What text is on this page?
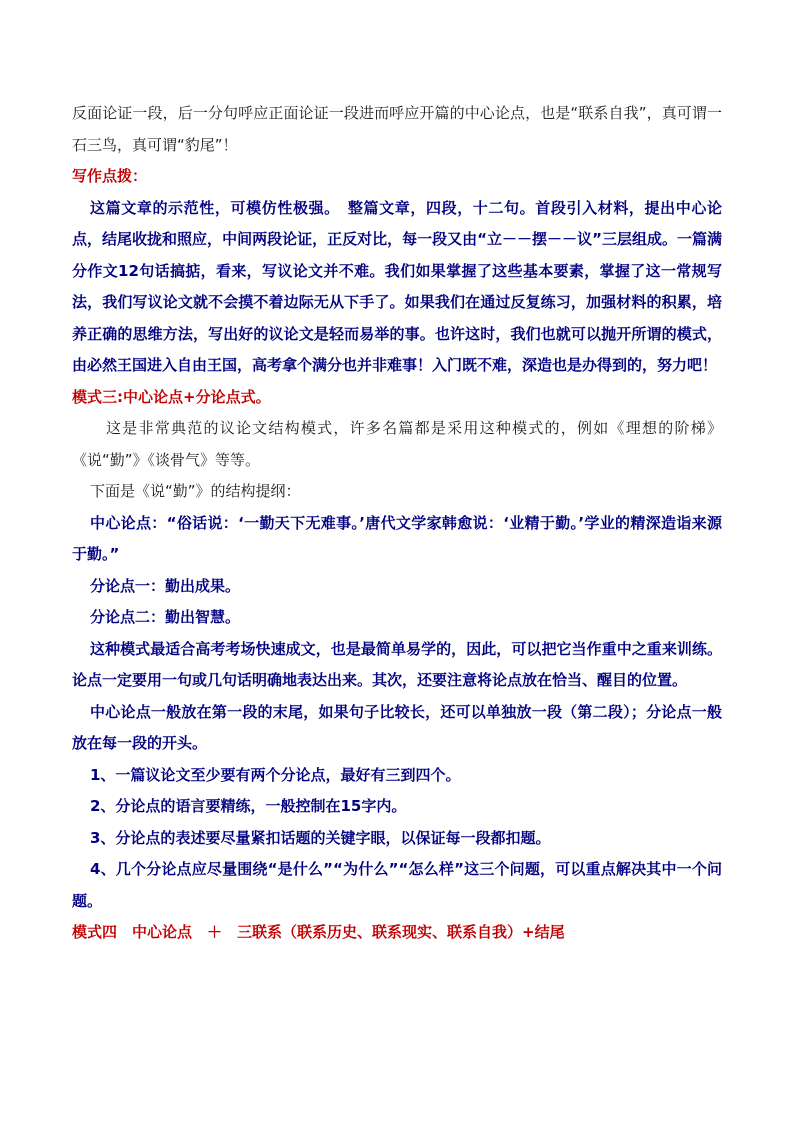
反面论证一段，后一分句呼应正面论证一段进而呼应开篇的中心论点，也是“联系自我”，真可谓一石三鸟，真可谓“豹尾”！

写作点拨：

这篇文章的示范性，可模仿性极强。　整篇文章，四段，十二句。首段引入材料，提出中心论点，结尾收拢和照应，中间两段论证，正反对比，每一段又由“立－－摆－－议”三层组成。一篇满分作文12句话搞掂，看来，写议论文并不难。我们如果掌握了这些基本要素，掌握了这一常规写法，我们写议论文就不会摸不着边际无从下手了。如果我们在通过反复练习，加强材料的积累，培养正确的思维方法，写出好的议论文是轻而易举的事。也许这时，我们也就可以抛开所谓的模式，由必然王国进入自由王国，高考拿个满分也并非难事！入门既不难，深造也是办得到的，努力吧！

模式三:中心论点+分论点式。

这是非常典范的议论文结构模式，许多名篇都是采用这种模式的，例如《理想的阶梯》《说“勤”》《谈骨气》等等。

下面是《说“勤”》的结构提纲：

中心论点：“俗话说：‘一勤天下无难事。’唐代文学家韩愈说：‘业精于勤。’学业的精深造诣来源于勤。”

分论点一：勤出成果。

分论点二：勤出智慧。

这种模式最适合高考考场快速成文，也是最简单易学的，因此，可以把它当作重中之重来训练。论点一定要用一句或几句话明确地表达出来。其次，还要注意将论点放在恰当、醒目的位置。

中心论点一般放在第一段的末尾，如果句子比较长，还可以单独放一段（第二段）；分论点一般放在每一段的开头。

1、一篇议论文至少要有两个分论点，最好有三到四个。

2、分论点的语言要精练，一般控制在15字内。

3、分论点的表述要尽量紧扣话题的关键字眼，以保证每一段都扣题。

4、几个分论点应尽量围绕“是什么”“为什么”“怎么样”这三个问题，可以重点解决其中一个问题。

模式四　中心论点　＋　三联系（联系历史、联系现实、联系自我）+结尾
